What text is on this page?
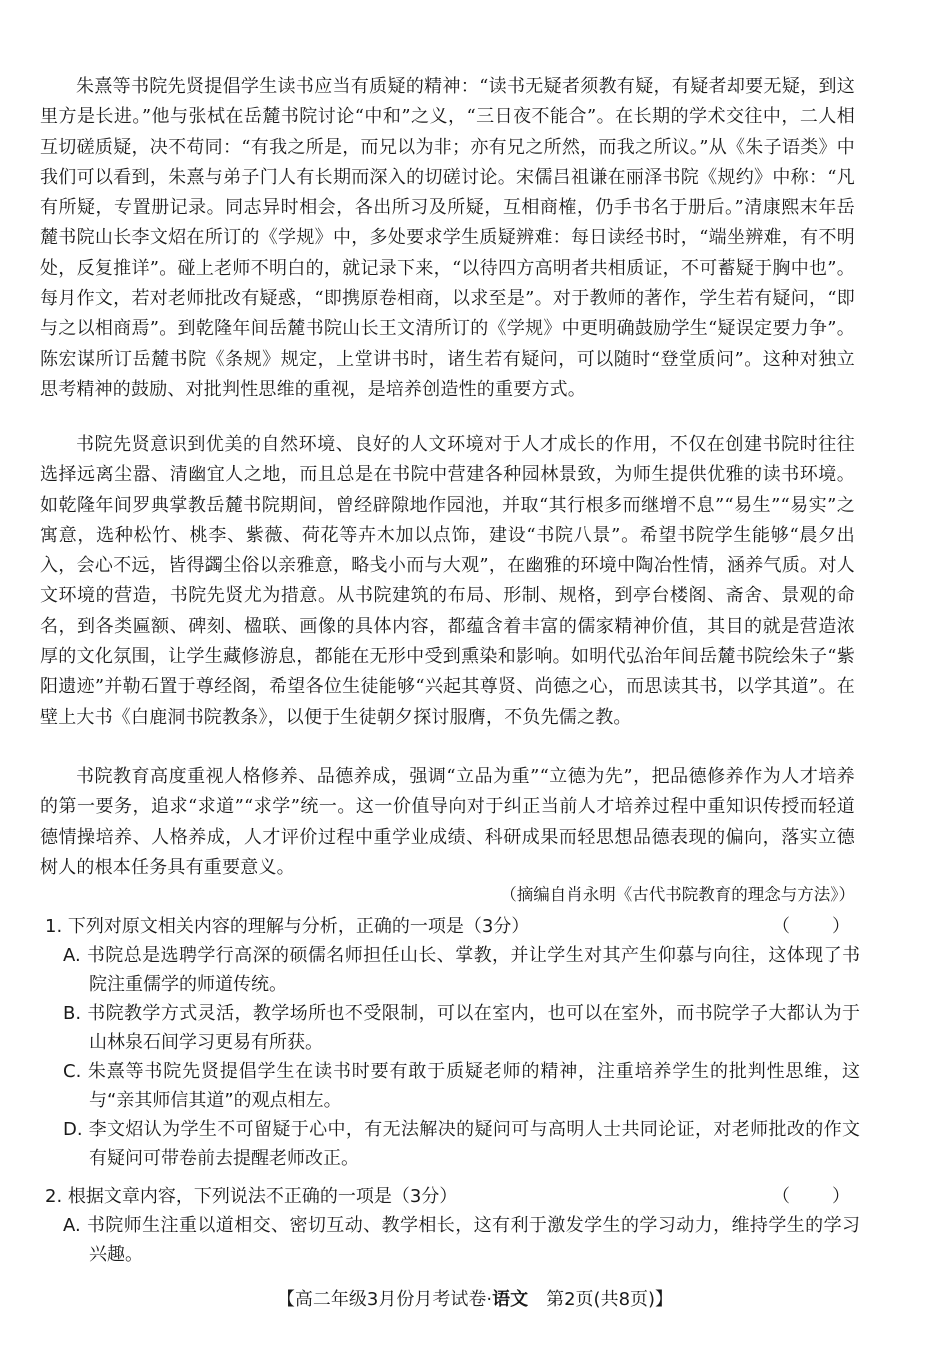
朱熹等书院先贤提倡学生读书应当有质疑的精神：“读书无疑者须教有疑，有疑者却要无疑，到这里方是长进。”他与张栻在岳麓书院讨论“中和”之义，“三日夜不能合”。在长期的学术交往中，二人相互切磋质疑，决不苟同：“有我之所是，而兄以为非；亦有兄之所然，而我之所议。”从《朱子语类》中我们可以看到，朱熹与弟子门人有长期而深入的切磋讨论。宋儒吕祖谦在丽泽书院《规约》中称：“凡有所疑，专置册记录。同志异时相会，各出所习及所疑，互相商榷，仍手书名于册后。”清康熙末年岳麓书院山长李文炤在所订的《学规》中，多处要求学生质疑辨难：每日读经书时，“端坐辨难，有不明处，反复推详”。碰上老师不明白的，就记录下来，“以待四方高明者共相质证，不可蓄疑于胸中也”。每月作文，若对老师批改有疑惑，“即携原卷相商，以求至是”。对于教师的著作，学生若有疑问，“即与之以相商焉”。到乾隆年间岳麓书院山长王文清所订的《学规》中更明确鼓励学生“疑误定要力争”。陈宏谋所订岳麓书院《条规》规定，上堂讲书时，诸生若有疑问，可以随时“登堂质问”。这种对独立思考精神的鼓励、对批判性思维的重视，是培养创造性的重要方式。
书院先贤意识到优美的自然环境、良好的人文环境对于人才成长的作用，不仅在创建书院时往往选择远离尘嚣、清幽宜人之地，而且总是在书院中营建各种园林景致，为师生提供优雅的读书环境。如乾隆年间罗典掌教岳麓书院期间，曾经辟隙地作园池，并取“其行根多而继增不息”“易生”“易实”之寓意，选种松竹、桃李、紫薇、荷花等卉木加以点饰，建设“书院八景”。希望书院学生能够“晨夕出入，会心不远，皆得蠲尘俗以亲雅意，略戋小而与大观”，在幽雅的环境中陶冶性情，涵养气质。对人文环境的营造，书院先贤尤为措意。从书院建筑的布局、形制、规格，到亭台楼阁、斋舍、景观的命名，到各类匾额、碑刻、楹联、画像的具体内容，都蕴含着丰富的儒家精神价值，其目的就是营造浓厚的文化氛围，让学生藏修游息，都能在无形中受到熏染和影响。如明代弘治年间岳麓书院绘朱子“紫阳遗迹”并勒石置于尊经阁，希望各位生徒能够“兴起其尊贤、尚德之心，而思读其书，以学其道”。在壁上大书《白鹿洞书院教条》，以便于生徒朝夕探讨服膺，不负先儒之教。
书院教育高度重视人格修养、品德养成，强调“立品为重”“立德为先”，把品德修养作为人才培养的第一要务，追求“求道”“求学”统一。这一价值导向对于纠正当前人才培养过程中重知识传授而轻道德情操培养、人格养成，人才评价过程中重学业成绩、科研成果而轻思想品德表现的偏向，落实立德树人的根本任务具有重要意义。
（摘编自肖永明《古代书院教育的理念与方法》）
1. 下列对原文相关内容的理解与分析，正确的一项是（3分）	（　　）
A. 书院总是选聘学行高深的硕儒名师担任山长、掌教，并让学生对其产生仰慕与向往，这体现了书院注重儒学的师道传统。
B. 书院教学方式灵活，教学场所也不受限制，可以在室内，也可以在室外，而书院学子大都认为于山林泉石间学习更易有所获。
C. 朱熹等书院先贤提倡学生在读书时要有敢于质疑老师的精神，注重培养学生的批判性思维，这与“亲其师信其道”的观点相左。
D. 李文炤认为学生不可留疑于心中，有无法解决的疑问可与高明人士共同论证，对老师批改的作文有疑问可带卷前去提醒老师改正。
2. 根据文章内容，下列说法不正确的一项是（3分）	（　　）
A. 书院师生注重以道相交、密切互动、教学相长，这有利于激发学生的学习动力，维持学生的学习兴趣。
【高二年级3月份月考试卷·语文　 第2页(共8页)】
